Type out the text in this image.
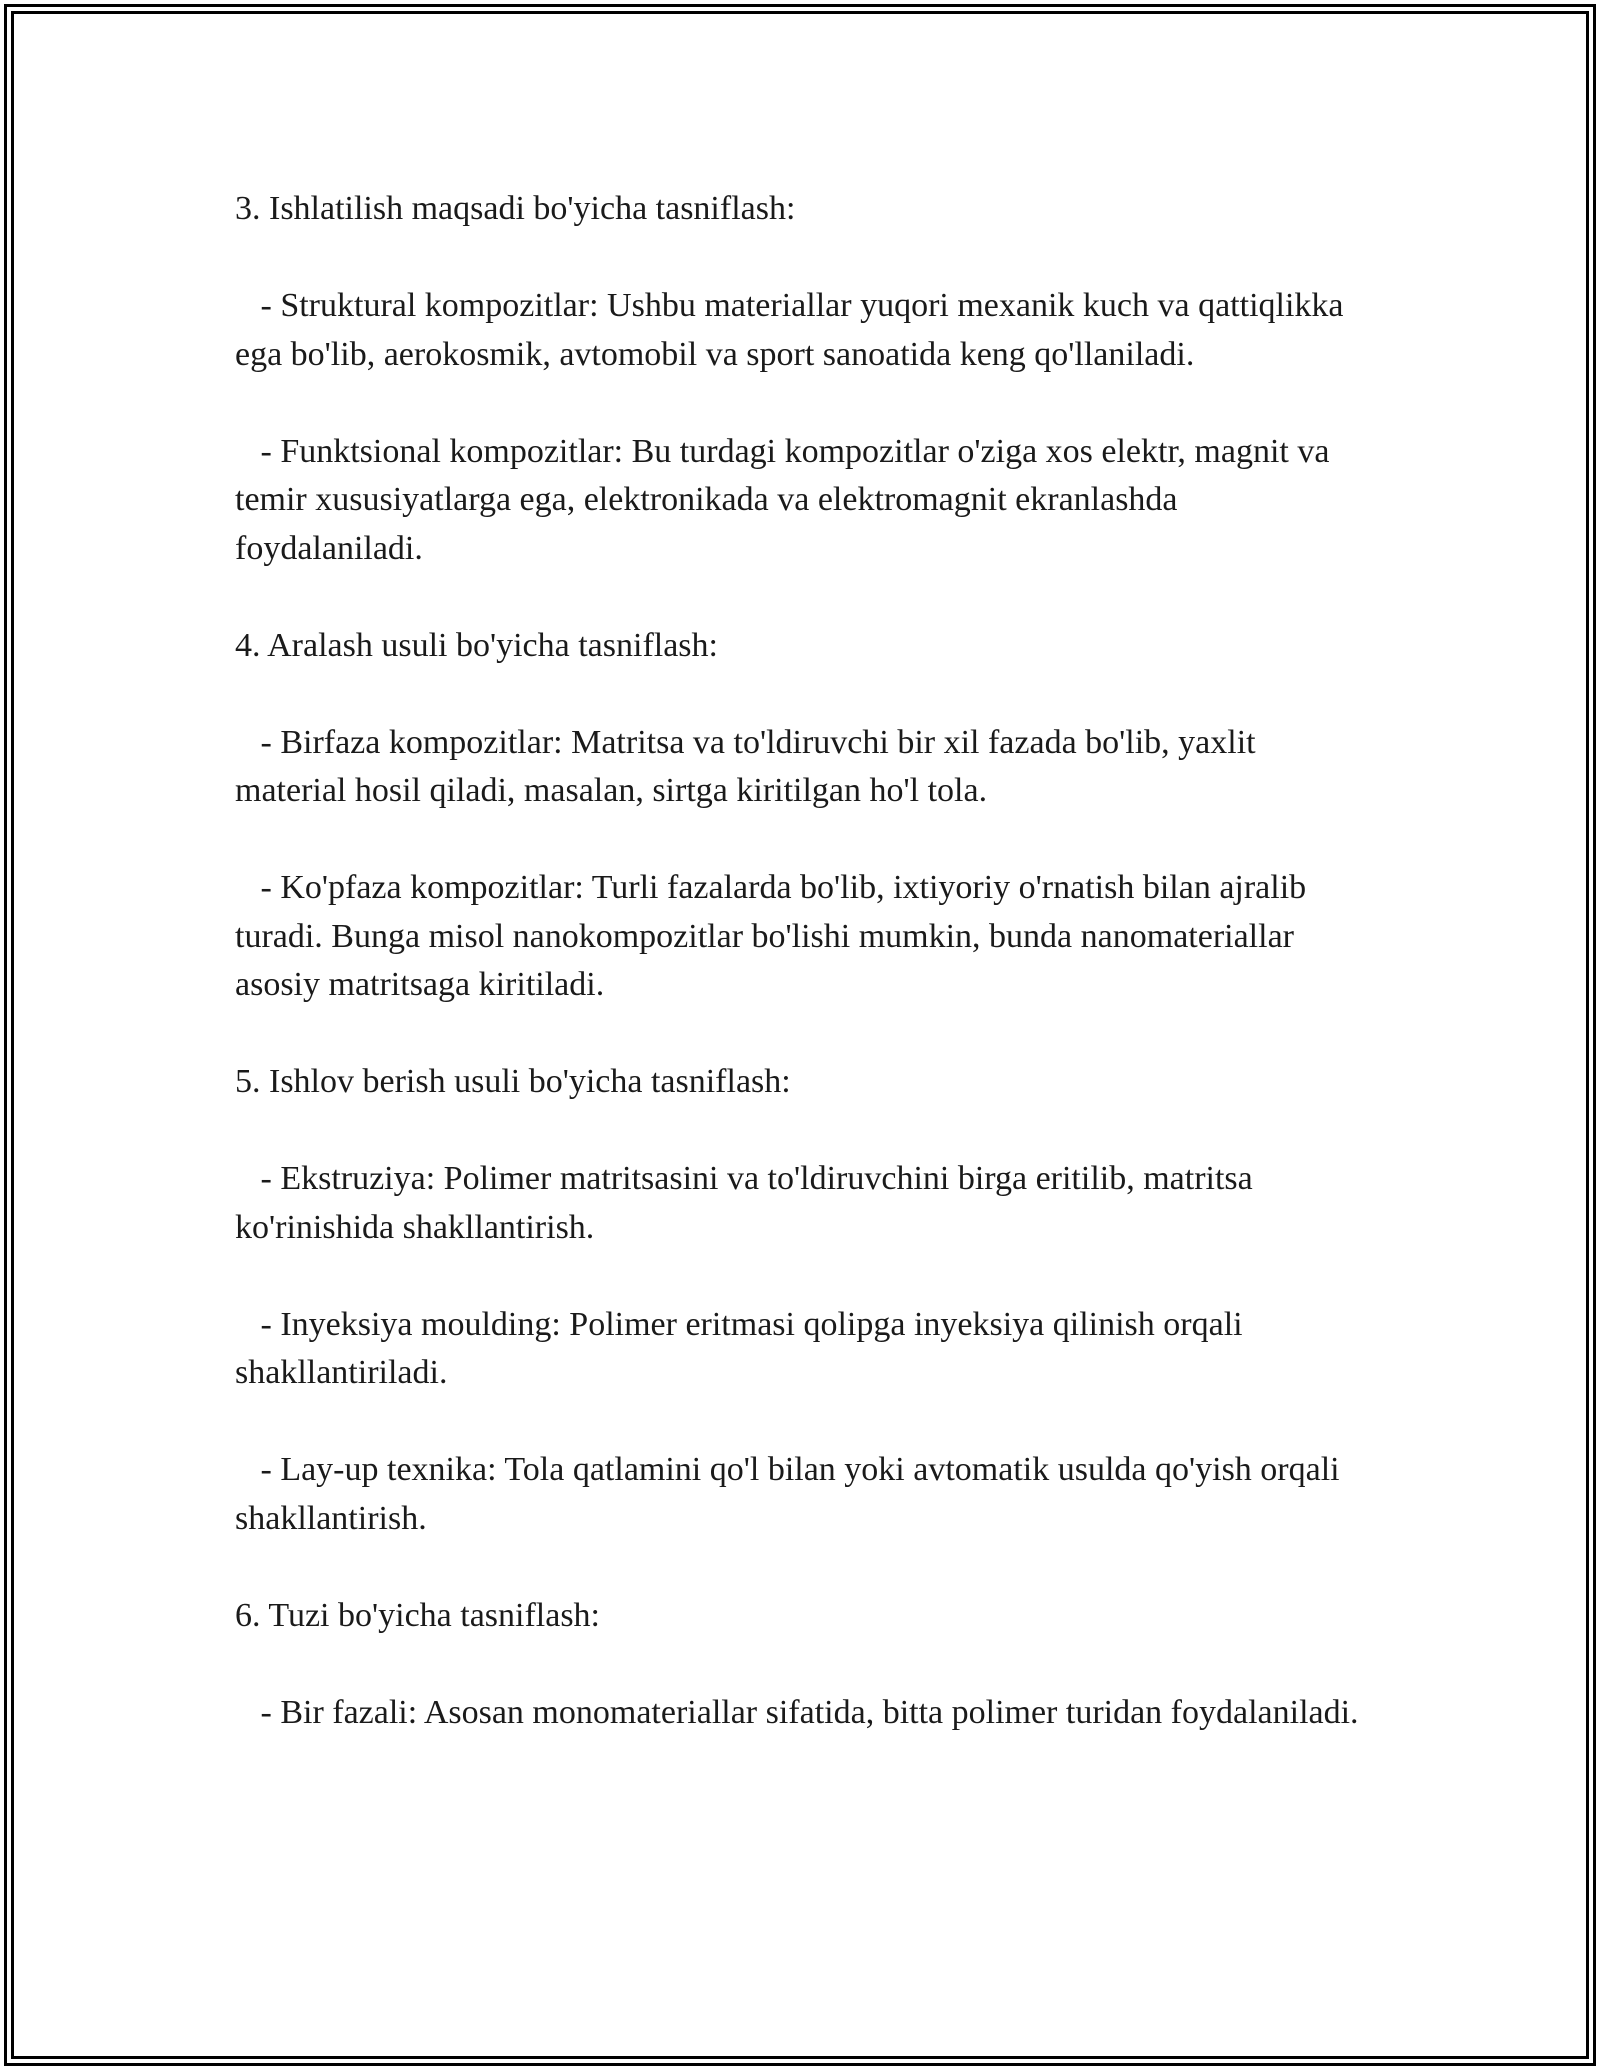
3. Ishlatilish maqsadi bo'yicha tasniflash:

- Struktural kompozitlar: Ushbu materiallar yuqori mexanik kuch va qattiqlikka ega bo'lib, aerokosmik, avtomobil va sport sanoatida keng qo'llaniladi.

- Funktsional kompozitlar: Bu turdagi kompozitlar o'ziga xos elektr, magnit va temir xususiyatlarga ega, elektronikada va elektromagnit ekranlashda foydalaniladi.

4. Aralash usuli bo'yicha tasniflash:

- Birfaza kompozitlar: Matritsa va to'ldiruvchi bir xil fazada bo'lib, yaxlit material hosil qiladi, masalan, sirtga kiritilgan ho'l tola.

- Ko'pfaza kompozitlar: Turli fazalarda bo'lib, ixtiyoriy o'rnatish bilan ajralib turadi. Bunga misol nanokompozitlar bo'lishi mumkin, bunda nanomateriallar asosiy matritsaga kiritiladi.

5. Ishlov berish usuli bo'yicha tasniflash:

- Ekstruziya: Polimer matritsasini va to'ldiruvchini birga eritilib, matritsa ko'rinishida shakllantirish.

- Inyeksiya moulding: Polimer eritmasi qolipga inyeksiya qilinish orqali shakllantiriladi.

- Lay-up texnika: Tola qatlamini qo'l bilan yoki avtomatik usulda qo'yish orqali shakllantirish.

6. Tuzi bo'yicha tasniflash:

- Bir fazali: Asosan monomateriallar sifatida, bitta polimer turidan foydalaniladi.
